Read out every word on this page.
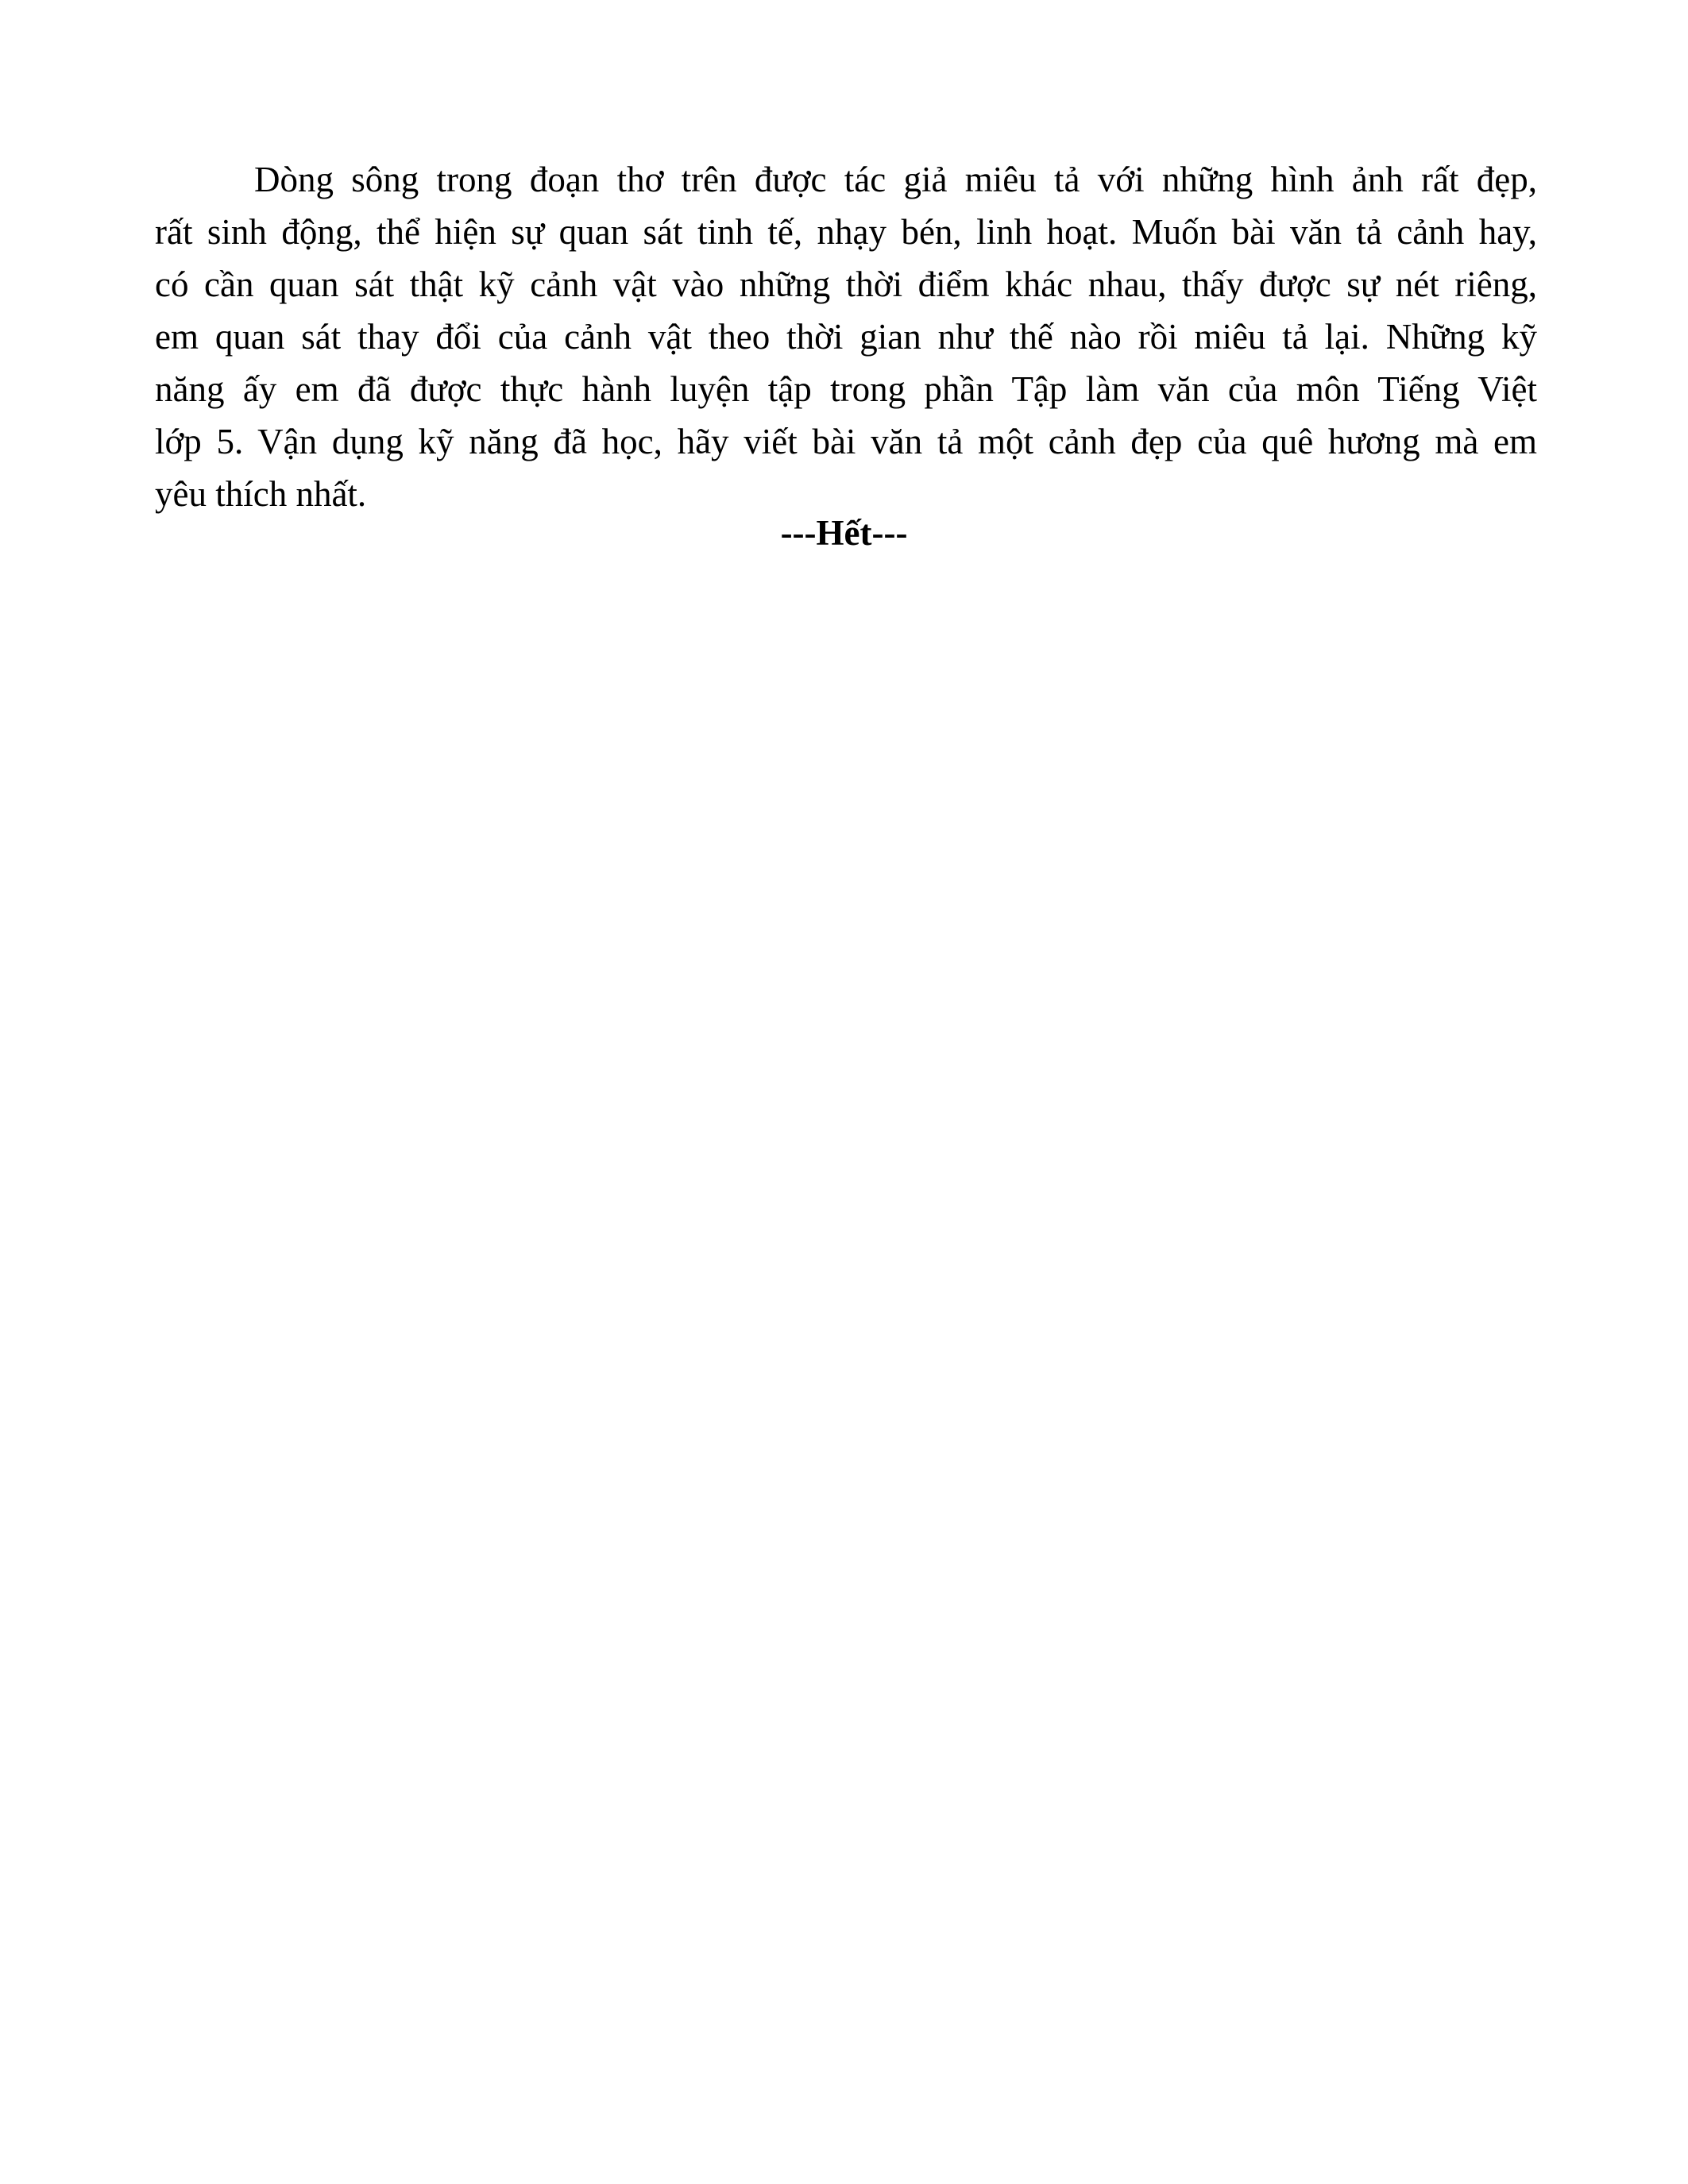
Dòng sông trong đoạn thơ trên được tác giả miêu tả với những hình ảnh rất đẹp,
rất sinh động, thể hiện sự quan sát tinh tế, nhạy bén, linh hoạt. Muốn bài văn tả cảnh hay,
có cần quan sát thật kỹ cảnh vật vào những thời điểm khác nhau, thấy được sự nét riêng,
em quan sát thay đổi của cảnh vật theo thời gian như thế nào rồi miêu tả lại. Những kỹ
năng ấy em đã được thực hành luyện tập trong phần Tập làm văn của môn Tiếng Việt
lớp 5. Vận dụng kỹ năng đã học, hãy viết bài văn tả một cảnh đẹp của quê hương mà em
yêu thích nhất.
---Hết---
